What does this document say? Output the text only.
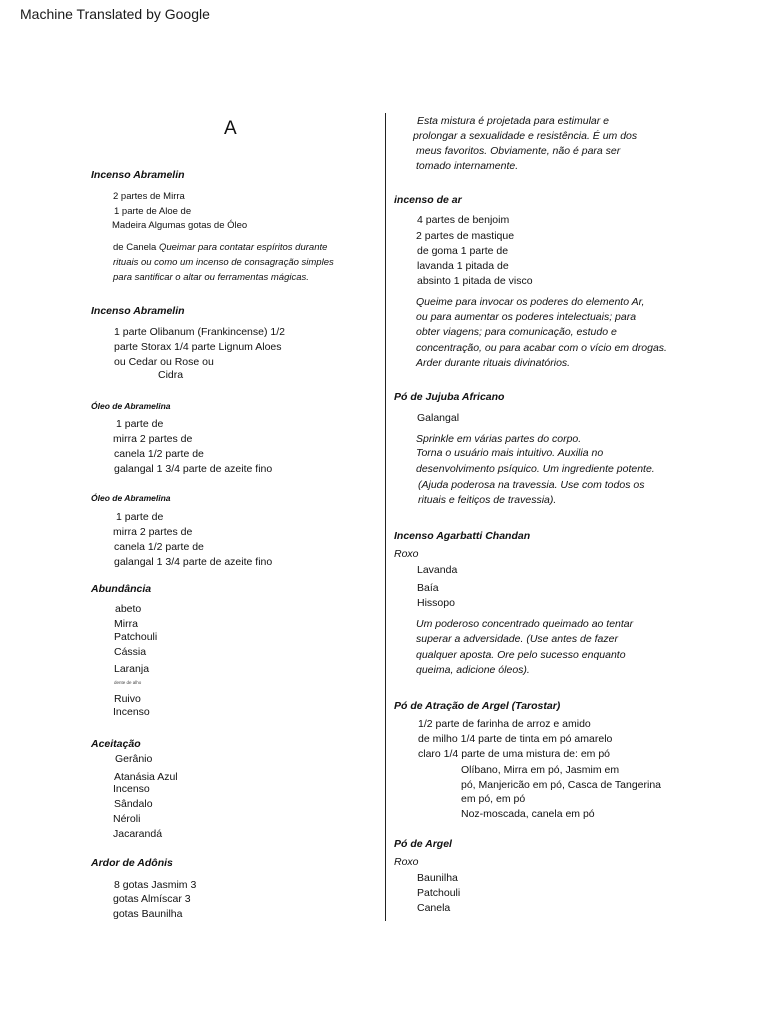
Machine Translated by Google
A
Incenso Abramelin
2 partes de Mirra
1 parte de Aloe de
Madeira Algumas gotas de Óleo
de Canela Queimar para contatar espíritos durante
rituais ou como um incenso de consagração simples
para santificar o altar ou ferramentas mágicas.
Incenso Abramelin
1 parte Olibanum (Frankincense) 1/2
parte Storax 1/4 parte Lignum Aloes
ou Cedar ou Rose ou
Cidra
Óleo de Abramelina
1 parte de
mirra 2 partes de
canela 1/2 parte de
galangal 1 3/4 parte de azeite fino
Óleo de Abramelina
1 parte de
mirra 2 partes de
canela 1/2 parte de
galangal 1 3/4 parte de azeite fino
Abundância
abeto
Mirra
Patchouli
Cássia
Laranja
dente de alho
Ruivo
Incenso
Aceitação
Gerânio
Atanásia Azul
Incenso
Sândalo
Néroli
Jacarandá
Ardor de Adônis
8 gotas Jasmim 3
gotas Almíscar 3
gotas Baunilha
Esta mistura é projetada para estimular e
prolongar a sexualidade e resistência. É um dos
meus favoritos. Obviamente, não é para ser
tomado internamente.
incenso de ar
4 partes de benjoim
2 partes de mastique
de goma 1 parte de
lavanda 1 pitada de
absinto 1 pitada de visco
Queime para invocar os poderes do elemento Ar,
ou para aumentar os poderes intelectuais; para
obter viagens; para comunicação, estudo e
concentração, ou para acabar com o vício em drogas.
Arder durante rituais divinatórios.
Pó de Jujuba Africano
Galangal
Sprinkle em várias partes do corpo.
Torna o usuário mais intuitivo. Auxilia no
desenvolvimento psíquico. Um ingrediente potente.
(Ajuda poderosa na travessia. Use com todos os
rituais e feitiços de travessia).
Incenso Agarbatti Chandan
Roxo
Lavanda
Baía
Hissopo
Um poderoso concentrado queimado ao tentar
superar a adversidade. (Use antes de fazer
qualquer aposta. Ore pelo sucesso enquanto
queima, adicione óleos).
Pó de Atração de Argel (Tarostar)
1/2 parte de farinha de arroz e amido
de milho 1/4 parte de tinta em pó amarelo
claro 1/4 parte de uma mistura de: em pó
Olíbano, Mirra em pó, Jasmim em
pó, Manjericão em pó, Casca de Tangerina
em pó, em pó
Noz-moscada, canela em pó
Pó de Argel
Roxo
Baunilha
Patchouli
Canela
